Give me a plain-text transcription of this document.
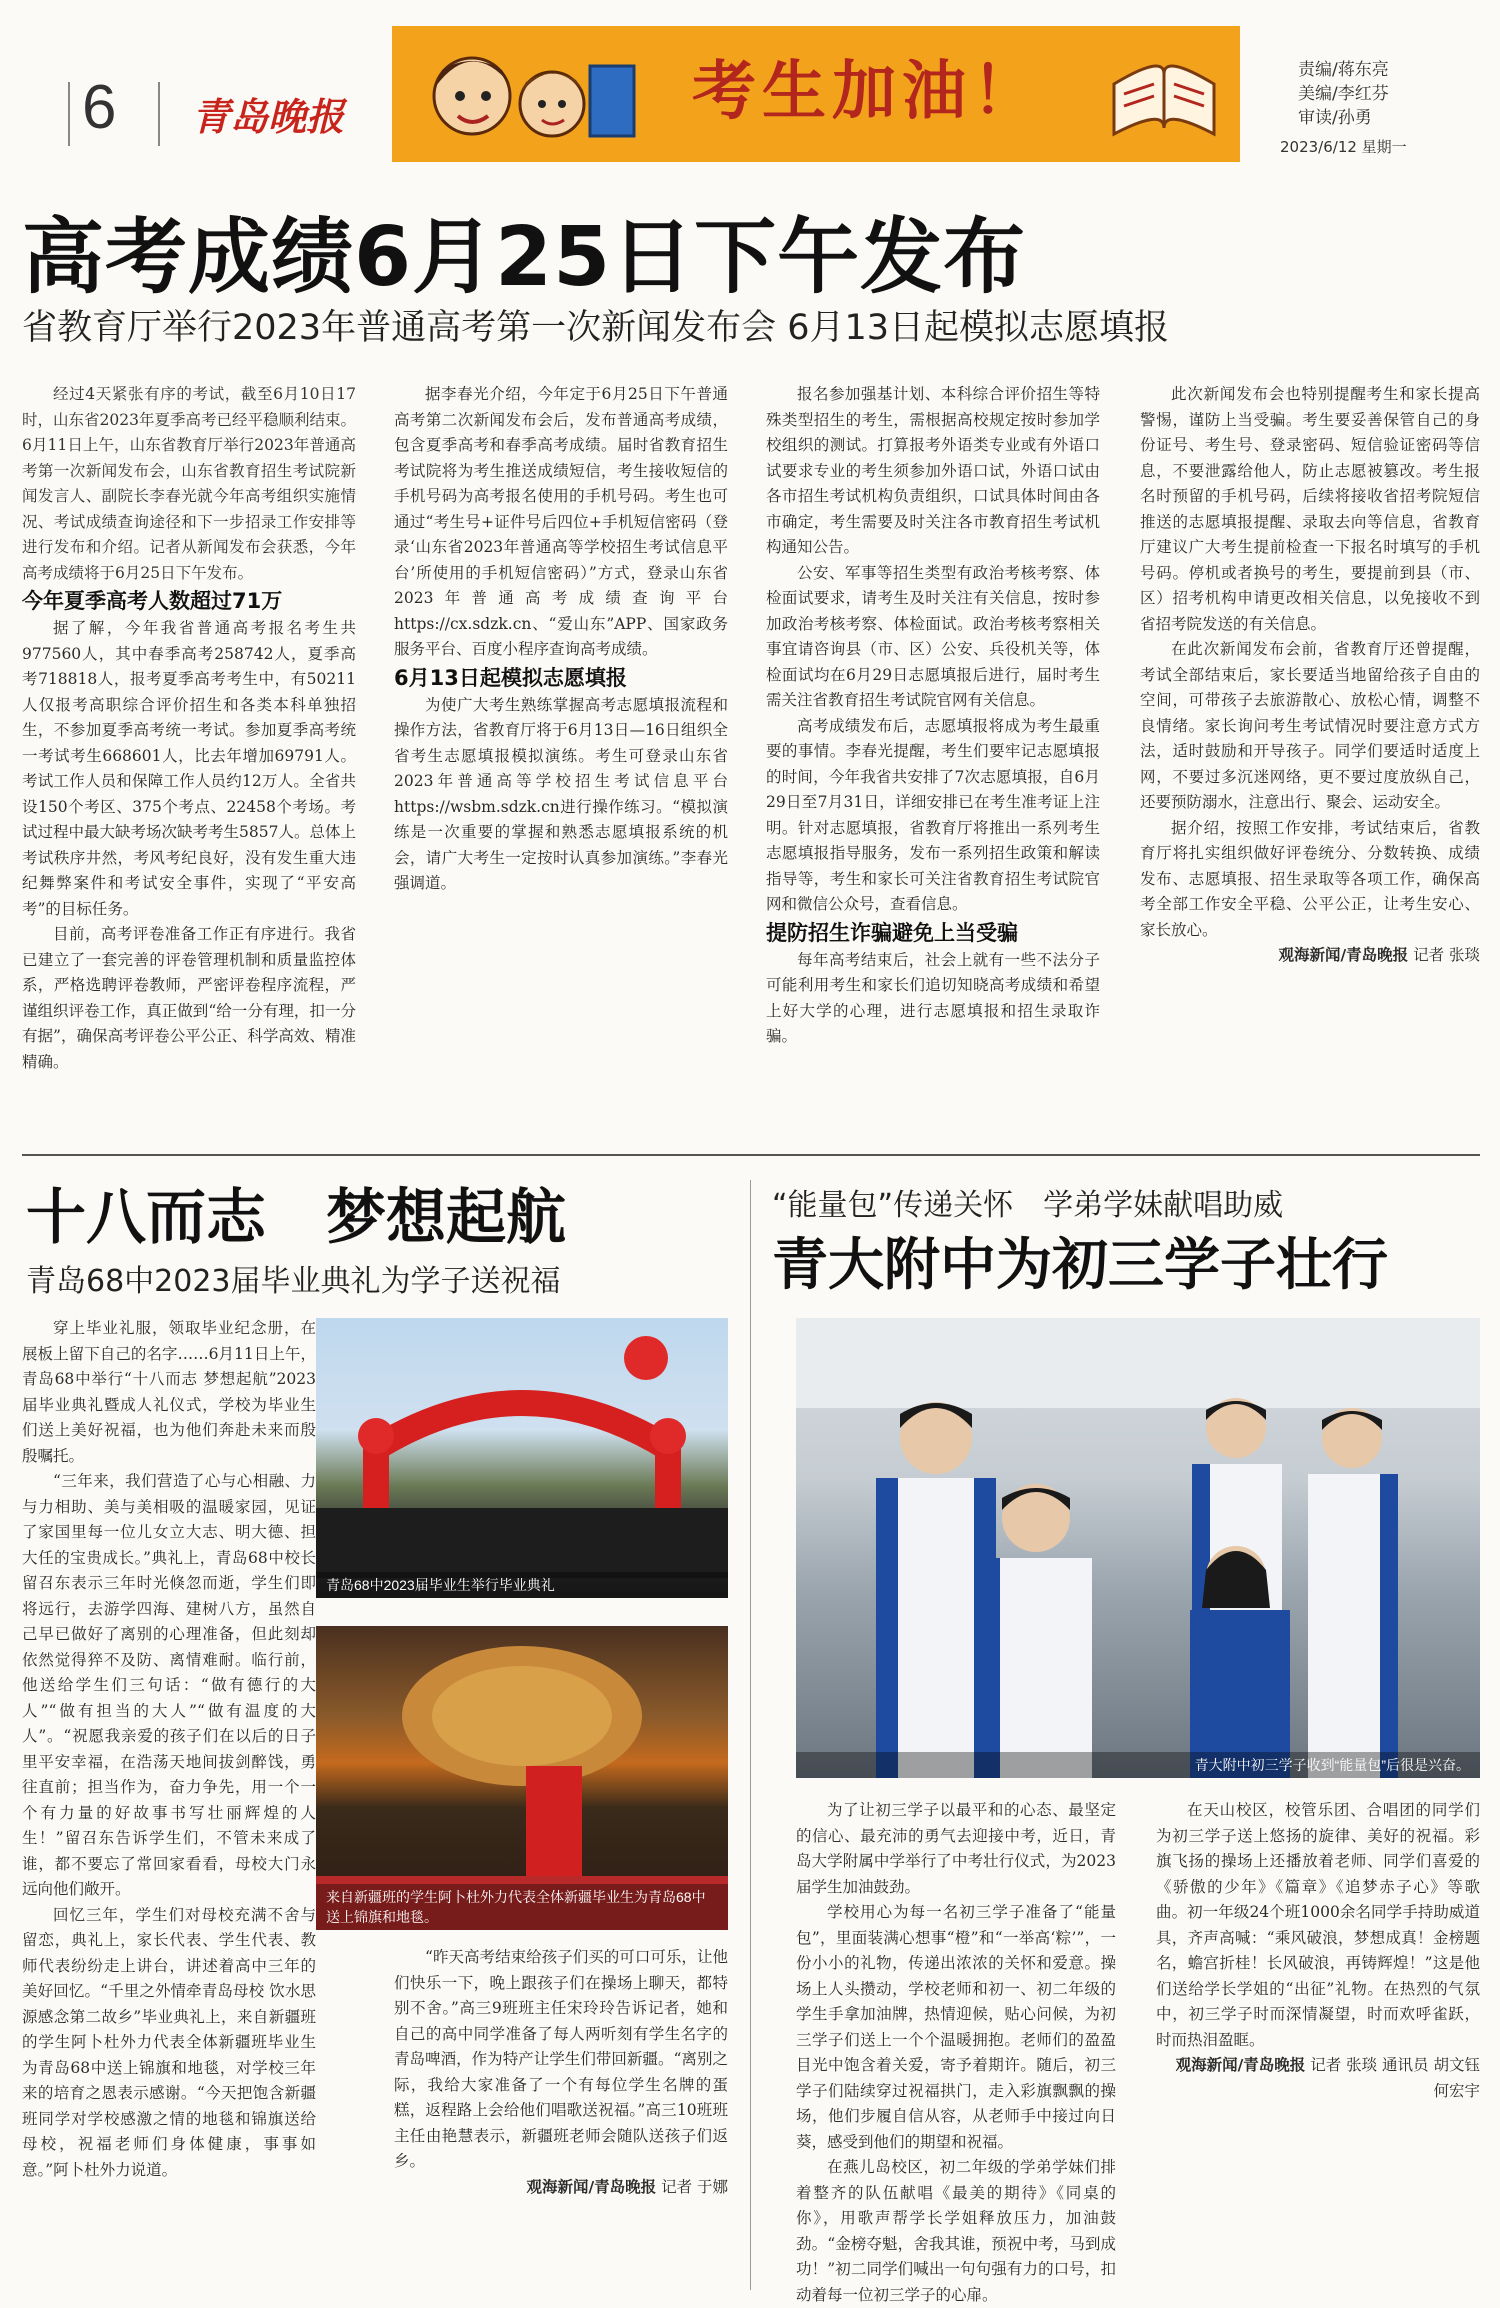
6 青岛晚报	考生加油！	责编/蒋东亮
美编/李红芬
审读/孙勇
2023/6/12 星期一
高考成绩6月25日下午发布
省教育厅举行2023年普通高考第一次新闻发布会 6月13日起模拟志愿填报

经过4天紧张有序的考试，截至6月10日17时，山东省2023年夏季高考已经平稳顺利结束。6月11日上午，山东省教育厅举行2023年普通高考第一次新闻发布会，山东省教育招生考试院新闻发言人、副院长李春光就今年高考组织实施情况、考试成绩查询途径和下一步招录工作安排等进行发布和介绍。记者从新闻发布会获悉，今年高考成绩将于6月25日下午发布。

今年夏季高考人数超过71万

据了解，今年我省普通高考报名考生共977560人，其中春季高考258742人，夏季高考718818人，报考夏季高考考生中，有50211人仅报考高职综合评价招生和各类本科单独招生，不参加夏季高考统一考试。参加夏季高考统一考试考生668601人，比去年增加69791人。考试工作人员和保障工作人员约12万人。全省共设150个考区、375个考点、22458个考场。考试过程中最大缺考场次缺考考生5857人。总体上考试秩序井然，考风考纪良好，没有发生重大违纪舞弊案件和考试安全事件，实现了“平安高考”的目标任务。

目前，高考评卷准备工作正有序进行。我省已建立了一套完善的评卷管理机制和质量监控体系，严格选聘评卷教师，严密评卷程序流程，严谨组织评卷工作，真正做到“给一分有理，扣一分有据”，确保高考评卷公平公正、科学高效、精准精确。

据李春光介绍，今年定于6月25日下午普通高考第二次新闻发布会后，发布普通高考成绩，包含夏季高考和春季高考成绩。届时省教育招生考试院将为考生推送成绩短信，考生接收短信的手机号码为高考报名使用的手机号码。考生也可通过“考生号+证件号后四位+手机短信密码（登录‘山东省2023年普通高等学校招生考试信息平台’所使用的手机短信密码）”方式，登录山东省2023年普通高考成绩查询平台https://cx.sdzk.cn、“爱山东”APP、国家政务服务平台、百度小程序查询高考成绩。

6月13日起模拟志愿填报

为使广大考生熟练掌握高考志愿填报流程和操作方法，省教育厅将于6月13日—16日组织全省考生志愿填报模拟演练。考生可登录山东省2023年普通高等学校招生考试信息平台https://wsbm.sdzk.cn进行操作练习。“模拟演练是一次重要的掌握和熟悉志愿填报系统的机会，请广大考生一定按时认真参加演练。”李春光强调道。

报名参加强基计划、本科综合评价招生等特殊类型招生的考生，需根据高校规定按时参加学校组织的测试。打算报考外语类专业或有外语口试要求专业的考生须参加外语口试，外语口试由各市招生考试机构负责组织，口试具体时间由各市确定，考生需要及时关注各市教育招生考试机构通知公告。

公安、军事等招生类型有政治考核考察、体检面试要求，请考生及时关注有关信息，按时参加政治考核考察、体检面试。政治考核考察相关事宜请咨询县（市、区）公安、兵役机关等，体检面试均在6月29日志愿填报后进行，届时考生需关注省教育招生考试院官网有关信息。

高考成绩发布后，志愿填报将成为考生最重要的事情。李春光提醒，考生们要牢记志愿填报的时间，今年我省共安排了7次志愿填报，自6月29日至7月31日，详细安排已在考生准考证上注明。针对志愿填报，省教育厅将推出一系列考生志愿填报指导服务，发布一系列招生政策和解读指导等，考生和家长可关注省教育招生考试院官网和微信公众号，查看信息。

提防招生诈骗避免上当受骗

每年高考结束后，社会上就有一些不法分子可能利用考生和家长们追切知晓高考成绩和希望上好大学的心理，进行志愿填报和招生录取诈骗。

此次新闻发布会也特别提醒考生和家长提高警惕，谨防上当受骗。考生要妥善保管自己的身份证号、考生号、登录密码、短信验证密码等信息，不要泄露给他人，防止志愿被篡改。考生报名时预留的手机号码，后续将接收省招考院短信推送的志愿填报提醒、录取去向等信息，省教育厅建议广大考生提前检查一下报名时填写的手机号码。停机或者换号的考生，要提前到县（市、区）招考机构申请更改相关信息，以免接收不到省招考院发送的有关信息。

在此次新闻发布会前，省教育厅还曾提醒，考试全部结束后，家长要适当地留给孩子自由的空间，可带孩子去旅游散心、放松心情，调整不良情绪。家长询问考生考试情况时要注意方式方法，适时鼓励和开导孩子。同学们要适时适度上网，不要过多沉迷网络，更不要过度放纵自己，还要预防溺水，注意出行、聚会、运动安全。

据介绍，按照工作安排，考试结束后，省教育厅将扎实组织做好评卷统分、分数转换、成绩发布、志愿填报、招生录取等各项工作，确保高考全部工作安全平稳、公平公正，让考生安心、家长放心。

观海新闻/青岛晚报 记者 张琰

十八而志　梦想起航
青岛68中2023届毕业典礼为学子送祝福

穿上毕业礼服，领取毕业纪念册，在展板上留下自己的名字……6月11日上午，青岛68中举行“十八而志 梦想起航”2023届毕业典礼暨成人礼仪式，学校为毕业生们送上美好祝福，也为他们奔赴未来而殷殷嘱托。

“三年来，我们营造了心与心相融、力与力相助、美与美相吸的温暖家园，见证了家国里每一位儿女立大志、明大德、担大任的宝贵成长。”典礼上，青岛68中校长留召东表示三年时光倏忽而逝，学生们即将远行，去游学四海、建树八方，虽然自己早已做好了离别的心理准备，但此刻却依然觉得猝不及防、离情难耐。临行前，他送给学生们三句话：“做有德行的大人”“做有担当的大人”“做有温度的大人”。“祝愿我亲爱的孩子们在以后的日子里平安幸福，在浩荡天地间拔剑醉饯，勇往直前；担当作为，奋力争先，用一个一个有力量的好故事书写壮丽辉煌的人生！”留召东告诉学生们，不管未来成了谁，都不要忘了常回家看看，母校大门永远向他们敞开。

回忆三年，学生们对母校充满不舍与留恋，典礼上，家长代表、学生代表、教师代表纷纷走上讲台，讲述着高中三年的美好回忆。“千里之外情牵青岛母校 饮水思源感念第二故乡”毕业典礼上，来自新疆班的学生阿卜杜外力代表全体新疆班毕业生为青岛68中送上锦旗和地毯，对学校三年来的培育之恩表示感谢。“今天把饱含新疆班同学对学校感激之情的地毯和锦旗送给母校，祝福老师们身体健康，事事如意。”阿卜杜外力说道。

青岛68中2023届毕业生举行毕业典礼
来自新疆班的学生阿卜杜外力代表全体新疆毕业生为青岛68中送上锦旗和地毯。

“昨天高考结束给孩子们买的可口可乐，让他们快乐一下，晚上跟孩子们在操场上聊天，都特别不舍。”高三9班班主任宋玲玲告诉记者，她和自己的高中同学准备了每人两听刻有学生名字的青岛啤酒，作为特产让学生们带回新疆。“离别之际，我给大家准备了一个有每位学生名牌的蛋糕，返程路上会给他们唱歌送祝福。”高三10班班主任由艳慧表示，新疆班老师会随队送孩子们返乡。

观海新闻/青岛晚报 记者 于娜

“能量包”传递关怀　学弟学妹献唱助威
青大附中为初三学子壮行
青大附中初三学子收到“能量包”后很是兴奋。

为了让初三学子以最平和的心态、最坚定的信心、最充沛的勇气去迎接中考，近日，青岛大学附属中学举行了中考壮行仪式，为2023届学生加油鼓劲。

学校用心为每一名初三学子准备了“能量包”，里面装满心想事“橙”和“一举高‘粽’”，一份小小的礼物，传递出浓浓的关怀和爱意。操场上人头攒动，学校老师和初一、初二年级的学生手拿加油牌，热情迎候，贴心问候，为初三学子们送上一个个温暖拥抱。老师们的盈盈目光中饱含着关爱，寄予着期许。随后，初三学子们陆续穿过祝福拱门，走入彩旗飘飘的操场，他们步履自信从容，从老师手中接过向日葵，感受到他们的期望和祝福。

在燕儿岛校区，初二年级的学弟学妹们排着整齐的队伍献唱《最美的期待》《同桌的你》，用歌声帮学长学姐释放压力，加油鼓劲。“金榜夺魁，舍我其谁，预祝中考，马到成功！”初二同学们喊出一句句强有力的口号，扣动着每一位初三学子的心扉。

在天山校区，校管乐团、合唱团的同学们为初三学子送上悠扬的旋律、美好的祝福。彩旗飞扬的操场上还播放着老师、同学们喜爱的《骄傲的少年》《篇章》《追梦赤子心》等歌曲。初一年级24个班1000余名同学手持助威道具，齐声高喊：“乘风破浪，梦想成真！金榜题名，蟾宫折桂！长风破浪，再铸辉煌！”这是他们送给学长学姐的“出征”礼物。在热烈的气氛中，初三学子时而深情凝望，时而欢呼雀跃，时而热泪盈眶。

观海新闻/青岛晚报 记者 张琰 通讯员 胡文钰 何宏宇
